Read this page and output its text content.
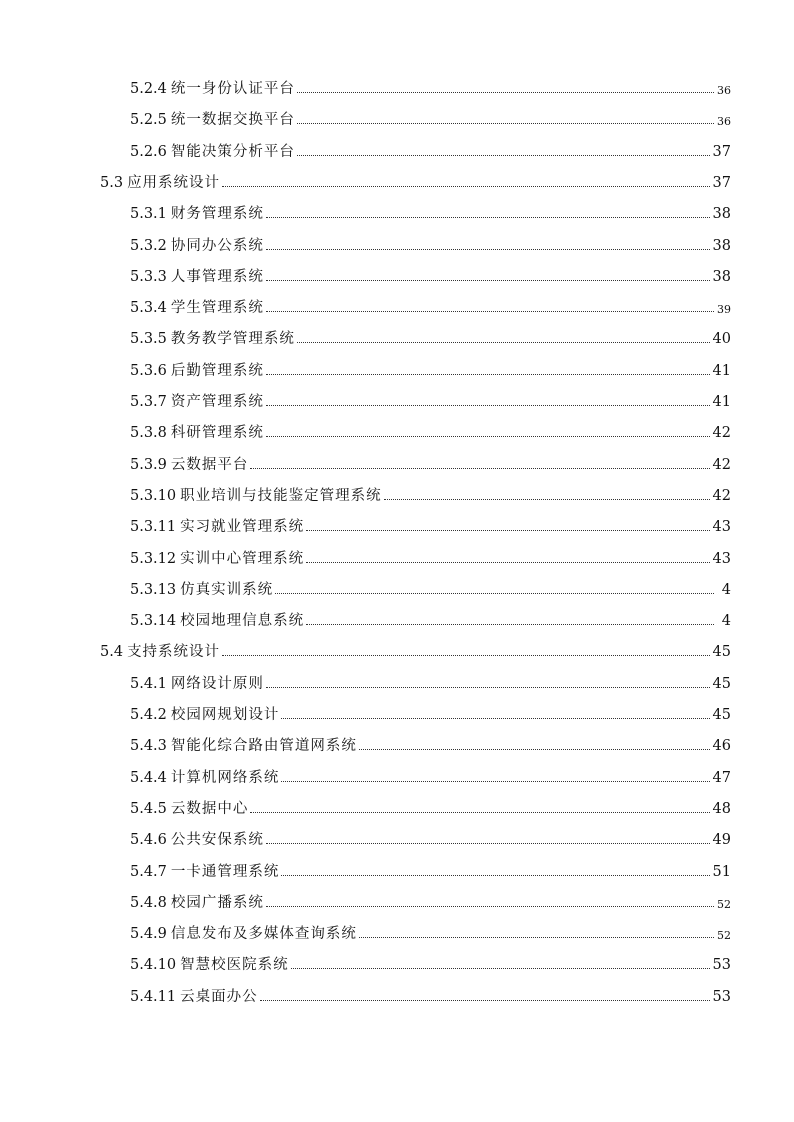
5.2.4 统一身份认证平台	36
5.2.5 统一数据交换平台	36
5.2.6 智能决策分析平台	37
5.3 应用系统设计	37
5.3.1 财务管理系统	38
5.3.2 协同办公系统	38
5.3.3 人事管理系统	38
5.3.4 学生管理系统	39
5.3.5 教务教学管理系统	40
5.3.6 后勤管理系统	41
5.3.7 资产管理系统	41
5.3.8 科研管理系统	42
5.3.9 云数据平台	42
5.3.10 职业培训与技能鉴定管理系统	42
5.3.11 实习就业管理系统	43
5.3.12 实训中心管理系统	43
5.3.13 仿真实训系统	4
5.3.14 校园地理信息系统	4
5.4 支持系统设计	45
5.4.1 网络设计原则	45
5.4.2 校园网规划设计	45
5.4.3 智能化综合路由管道网系统	46
5.4.4 计算机网络系统	47
5.4.5 云数据中心	48
5.4.6 公共安保系统	49
5.4.7 一卡通管理系统	51
5.4.8 校园广播系统	52
5.4.9 信息发布及多媒体查询系统	52
5.4.10 智慧校医院系统	53
5.4.11 云桌面办公	53
